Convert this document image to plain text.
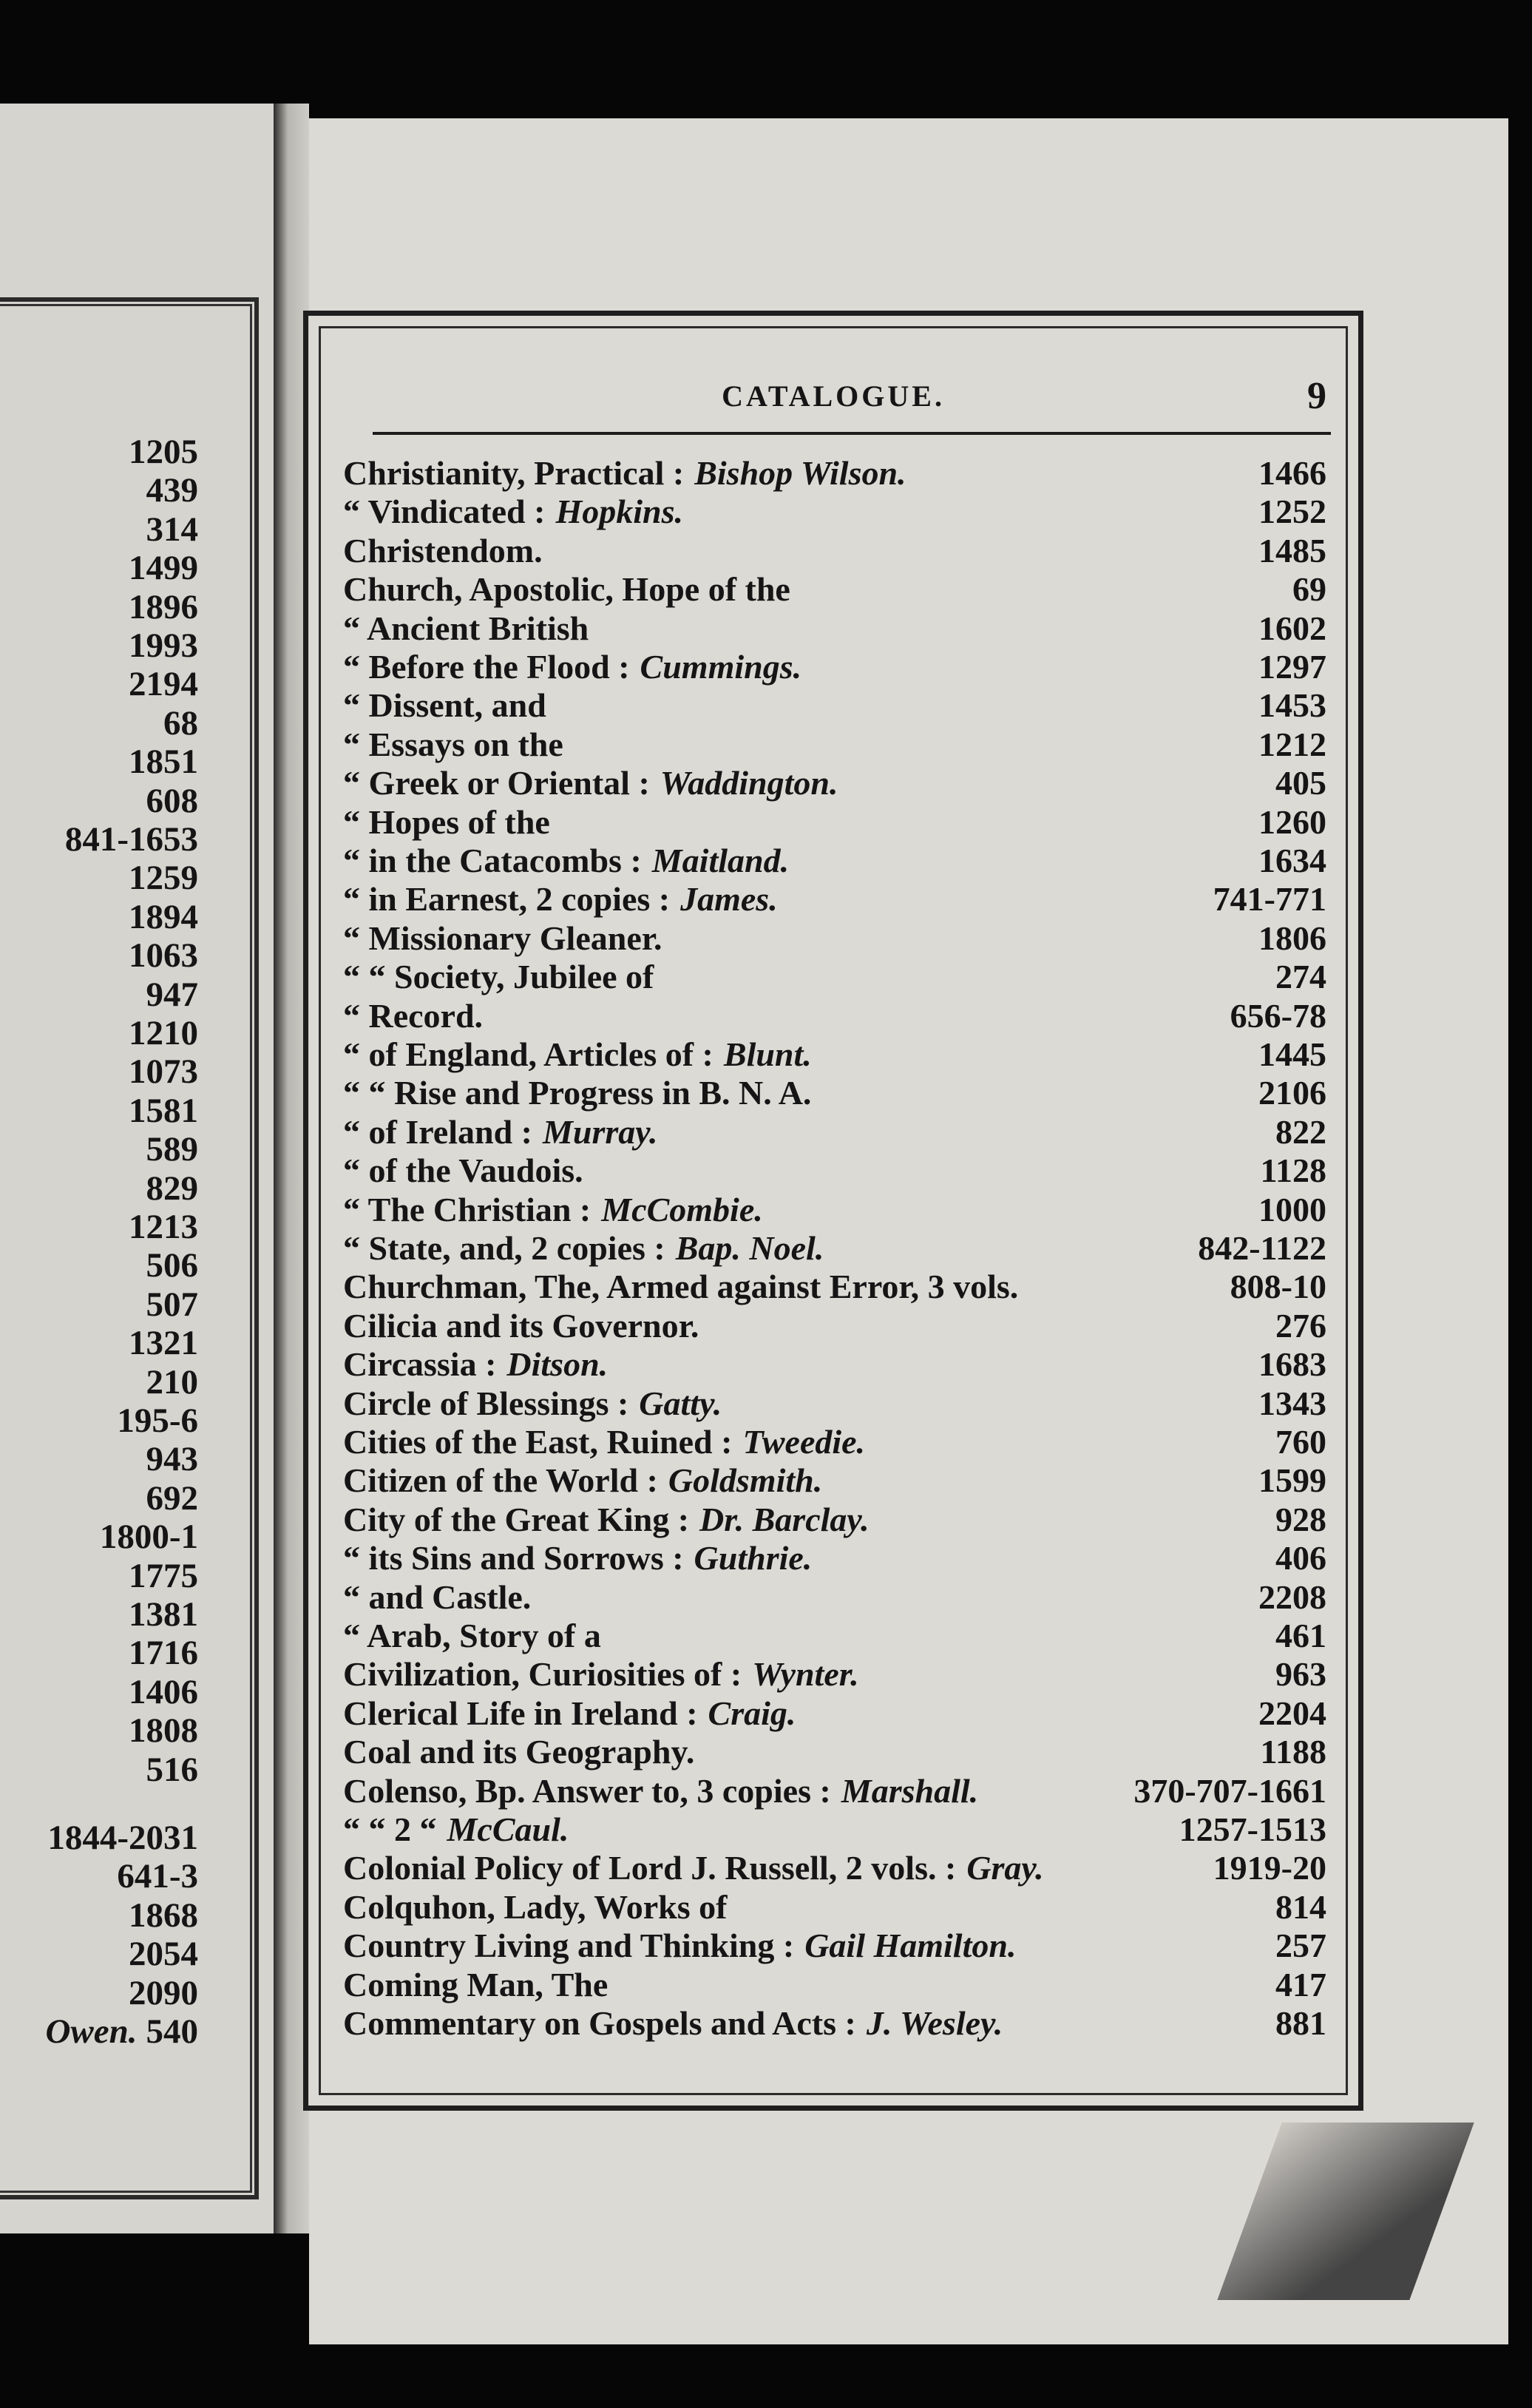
1205
439
314
1499
1896
1993
2194
68
1851
608
841-1653
1259
1894
1063
947
1210
1073
1581
589
829
1213
506
507
1321
210
195-6
943
692
1800-1
1775
1381
1716
1406
1808
516
1844-2031
641-3
1868
2054
2090
Owen. 540
CATALOGUE.	9
Christianity, Practical : Bishop Wilson.	1466
“ Vindicated : Hopkins.	1252
Christendom.	1485
Church, Apostolic, Hope of the	69
“ Ancient British	1602
“ Before the Flood : Cummings.	1297
“ Dissent, and	1453
“ Essays on the	1212
“ Greek or Oriental : Waddington.	405
“ Hopes of the	1260
“ in the Catacombs : Maitland.	1634
“ in Earnest, 2 copies : James.	741-771
“ Missionary Gleaner.	1806
“ “ Society, Jubilee of	274
“ Record.	656-78
“ of England, Articles of : Blunt.	1445
“ “ Rise and Progress in B. N. A.	2106
“ of Ireland : Murray.	822
“ of the Vaudois.	1128
“ The Christian : McCombie.	1000
“ State, and, 2 copies : Bap. Noel.	842-1122
Churchman, The, Armed against Error, 3 vols.	808-10
Cilicia and its Governor.	276
Circassia : Ditson.	1683
Circle of Blessings : Gatty.	1343
Cities of the East, Ruined : Tweedie.	760
Citizen of the World : Goldsmith.	1599
City of the Great King : Dr. Barclay.	928
“ its Sins and Sorrows : Guthrie.	406
“ and Castle.	2208
“ Arab, Story of a	461
Civilization, Curiosities of : Wynter.	963
Clerical Life in Ireland : Craig.	2204
Coal and its Geography.	1188
Colenso, Bp. Answer to, 3 copies : Marshall.	370-707-1661
“ “ 2 “ McCaul.	1257-1513
Colonial Policy of Lord J. Russell, 2 vols. : Gray.	1919-20
Colquhon, Lady, Works of	814
Country Living and Thinking : Gail Hamilton.	257
Coming Man, The	417
Commentary on Gospels and Acts : J. Wesley.	881
